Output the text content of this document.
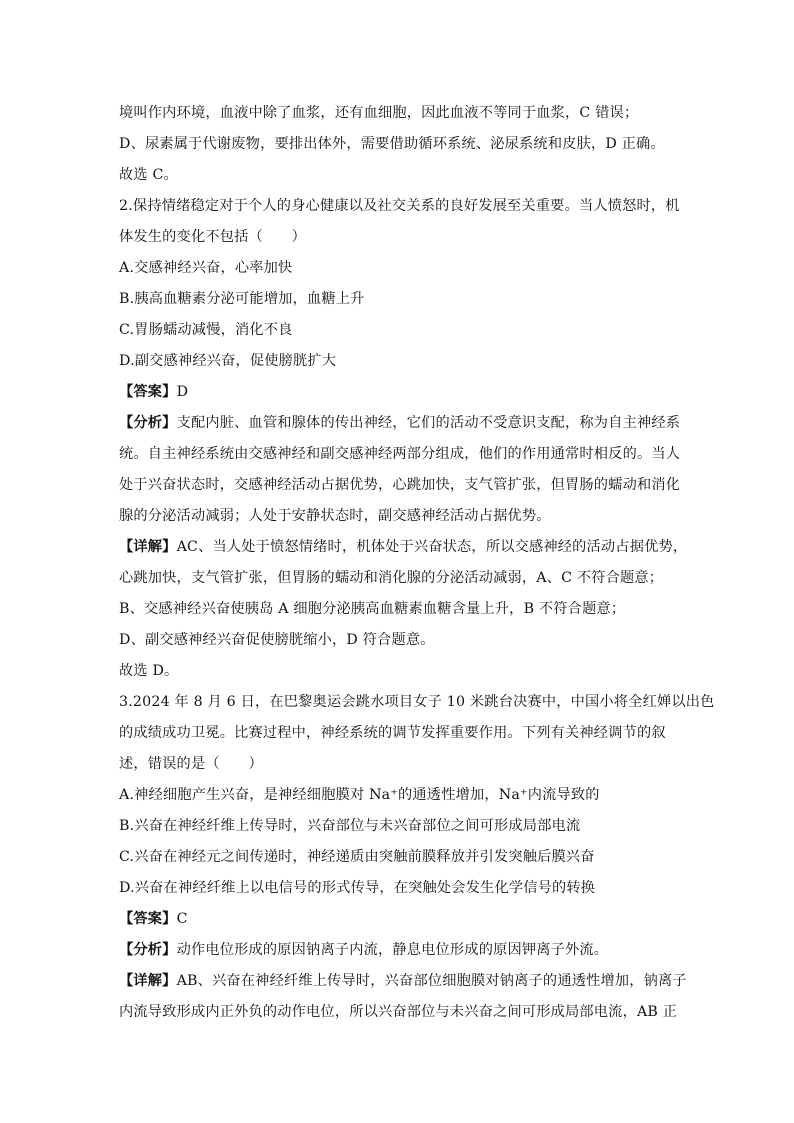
境叫作内环境，血液中除了血浆，还有血细胞，因此血液不等同于血浆，C 错误；
D、尿素属于代谢废物，要排出体外，需要借助循环系统、泌尿系统和皮肤，D 正确。
故选 C。
2.保持情绪稳定对于个人的身心健康以及社交关系的良好发展至关重要。当人愤怒时，机
体发生的变化不包括（　　）
A.交感神经兴奋，心率加快
B.胰高血糖素分泌可能增加，血糖上升
C.胃肠蠕动减慢，消化不良
D.副交感神经兴奋，促使膀胱扩大
【答案】D
【分析】支配内脏、血管和腺体的传出神经，它们的活动不受意识支配，称为自主神经系
统。自主神经系统由交感神经和副交感神经两部分组成，他们的作用通常时相反的。当人
处于兴奋状态时，交感神经活动占据优势，心跳加快，支气管扩张，但胃肠的蠕动和消化
腺的分泌活动减弱；人处于安静状态时，副交感神经活动占据优势。
【详解】AC、当人处于愤怒情绪时，机体处于兴奋状态，所以交感神经的活动占据优势，
心跳加快，支气管扩张，但胃肠的蠕动和消化腺的分泌活动减弱，A、C 不符合题意；
B、交感神经兴奋使胰岛 A 细胞分泌胰高血糖素血糖含量上升，B 不符合题意；
D、副交感神经兴奋促使膀胱缩小，D 符合题意。
故选 D。
3.2024 年 8 月 6 日，在巴黎奥运会跳水项目女子 10 米跳台决赛中，中国小将全红婵以出色
的成绩成功卫冕。比赛过程中，神经系统的调节发挥重要作用。下列有关神经调节的叙
述，错误的是（　　）
A.神经细胞产生兴奋，是神经细胞膜对 Na⁺的通透性增加，Na⁺内流导致的
B.兴奋在神经纤维上传导时，兴奋部位与未兴奋部位之间可形成局部电流
C.兴奋在神经元之间传递时，神经递质由突触前膜释放并引发突触后膜兴奋
D.兴奋在神经纤维上以电信号的形式传导，在突触处会发生化学信号的转换
【答案】C
【分析】动作电位形成的原因钠离子内流，静息电位形成的原因钾离子外流。
【详解】AB、兴奋在神经纤维上传导时，兴奋部位细胞膜对钠离子的通透性增加，钠离子
内流导致形成内正外负的动作电位，所以兴奋部位与未兴奋之间可形成局部电流，AB 正
